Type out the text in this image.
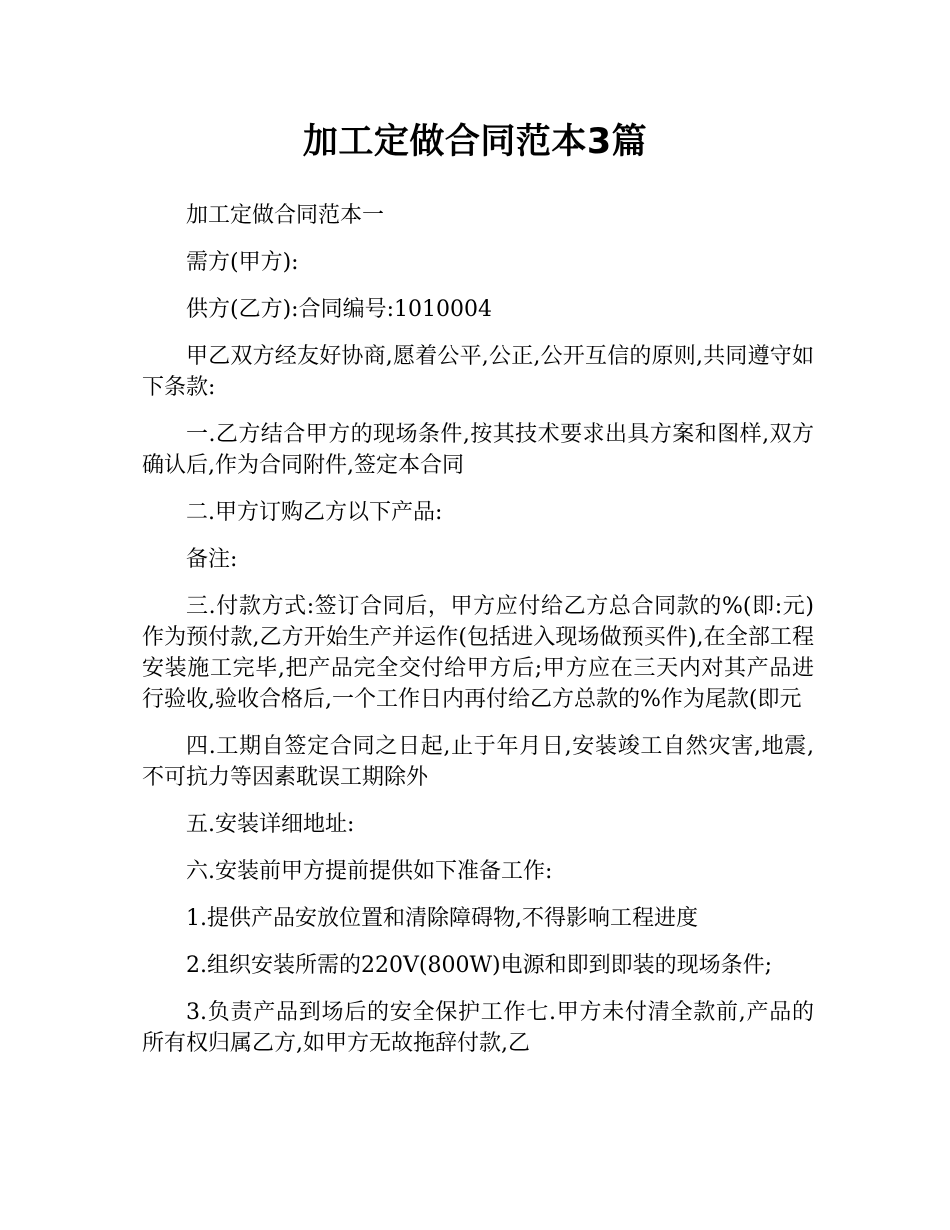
加工定做合同范本3篇

加工定做合同范本一

需方(甲方):

供方(乙方):合同编号:1010004

甲乙双方经友好协商,愿着公平,公正,公开互信的原则,共同遵守如下条款:

一.乙方结合甲方的现场条件,按其技术要求出具方案和图样,双方确认后,作为合同附件,签定本合同

二.甲方订购乙方以下产品:

备注:

三.付款方式:签订合同后，甲方应付给乙方总合同款的%(即:元)作为预付款,乙方开始生产并运作(包括进入现场做预买件),在全部工程安装施工完毕,把产品完全交付给甲方后;甲方应在三天内对其产品进行验收,验收合格后,一个工作日内再付给乙方总款的%作为尾款(即元

四.工期自签定合同之日起,止于年月日,安装竣工自然灾害,地震,不可抗力等因素耽误工期除外

五.安装详细地址:

六.安装前甲方提前提供如下准备工作:

1.提供产品安放位置和清除障碍物,不得影响工程进度

2.组织安装所需的220V(800W)电源和即到即装的现场条件;

3.负责产品到场后的安全保护工作七.甲方未付清全款前,产品的所有权归属乙方,如甲方无故拖辞付款,乙
